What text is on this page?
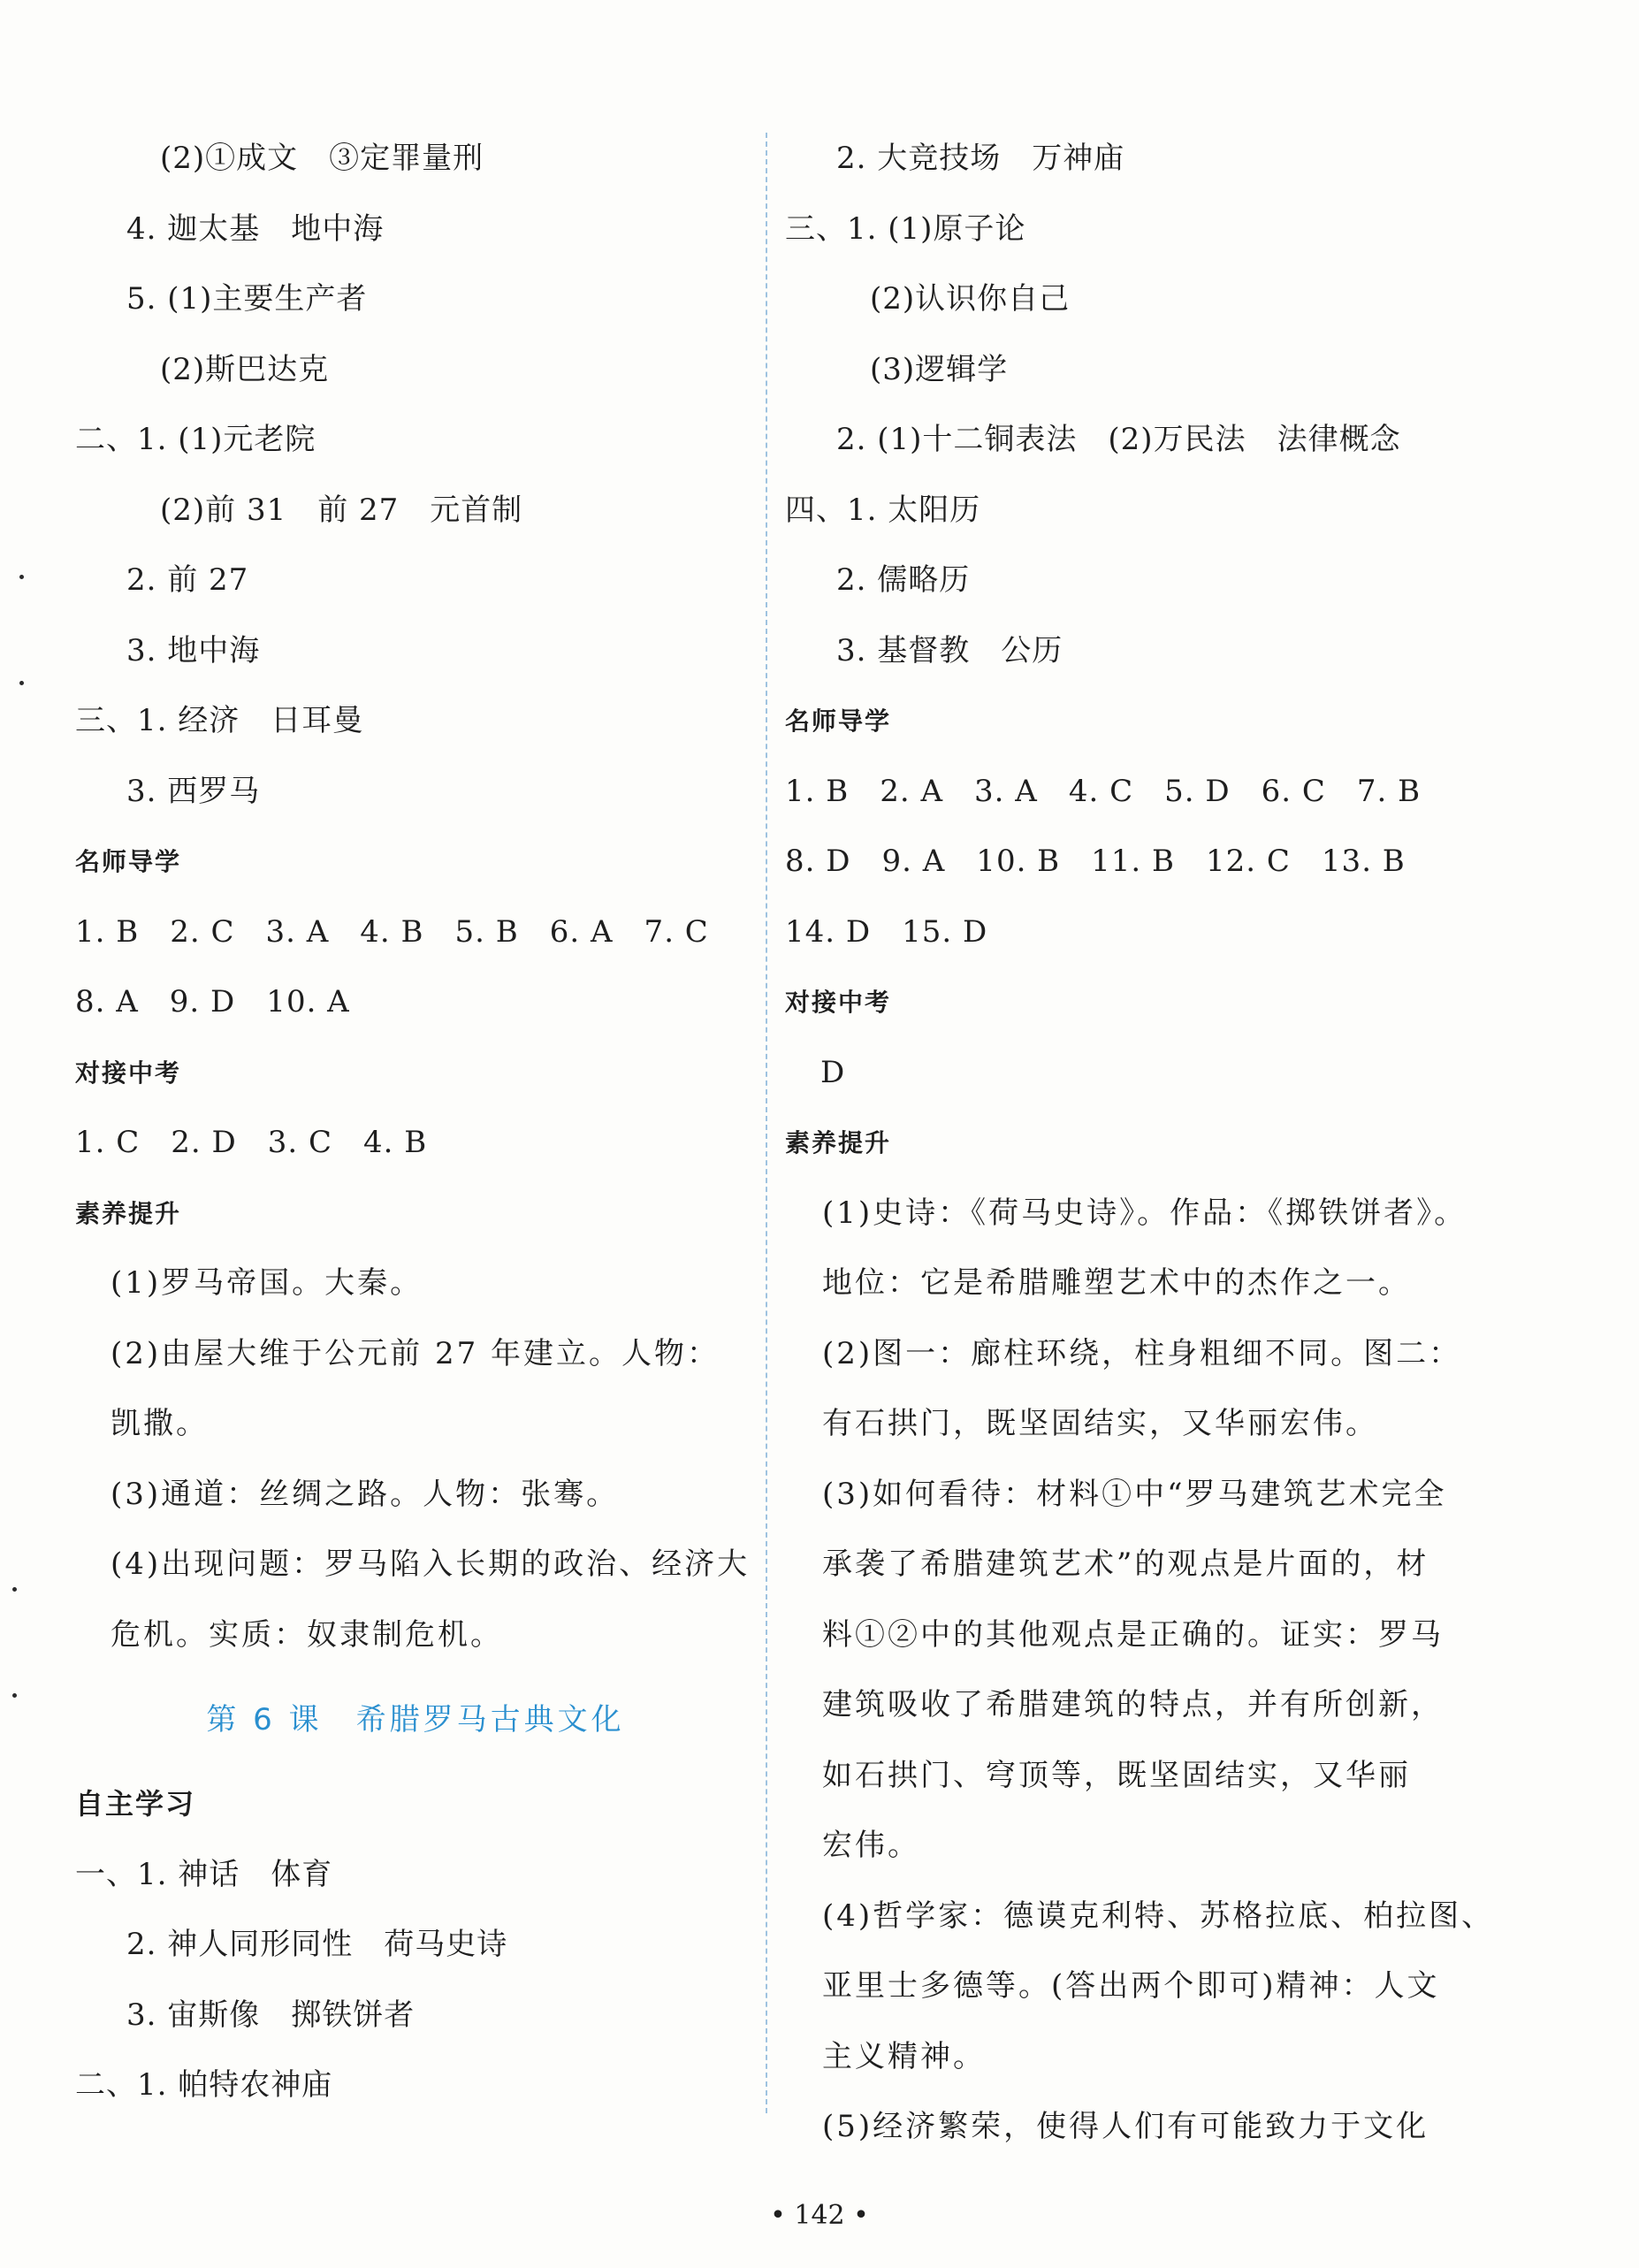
(2)①成文　③定罪量刑
4. 迦太基　地中海
5. (1)主要生产者
(2)斯巴达克
二、1. (1)元老院
(2)前 31　前 27　元首制
2. 前 27
3. 地中海
三、1. 经济　日耳曼
3. 西罗马
名师导学
1. B　2. C　3. A　4. B　5. B　6. A　7. C
8. A　9. D　10. A
对接中考
1. C　2. D　3. C　4. B
素养提升
(1)罗马帝国。大秦。
(2)由屋大维于公元前 27 年建立。人物：
凯撒。
(3)通道：丝绸之路。人物：张骞。
(4)出现问题：罗马陷入长期的政治、经济大
危机。实质：奴隶制危机。
第 6 课　希腊罗马古典文化
自主学习
一、1. 神话　体育
2. 神人同形同性　荷马史诗
3. 宙斯像　掷铁饼者
二、1. 帕特农神庙
2. 大竞技场　万神庙
三、1. (1)原子论
(2)认识你自己
(3)逻辑学
2. (1)十二铜表法　(2)万民法　法律概念
四、1. 太阳历
2. 儒略历
3. 基督教　公历
名师导学
1. B　2. A　3. A　4. C　5. D　6. C　7. B
8. D　9. A　10. B　11. B　12. C　13. B
14. D　15. D
对接中考
D
素养提升
(1)史诗：《荷马史诗》。作品：《掷铁饼者》。
地位：它是希腊雕塑艺术中的杰作之一。
(2)图一：廊柱环绕，柱身粗细不同。图二：
有石拱门，既坚固结实，又华丽宏伟。
(3)如何看待：材料①中“罗马建筑艺术完全
承袭了希腊建筑艺术”的观点是片面的，材
料①②中的其他观点是正确的。证实：罗马
建筑吸收了希腊建筑的特点，并有所创新，
如石拱门、穹顶等，既坚固结实，又华丽
宏伟。
(4)哲学家：德谟克利特、苏格拉底、柏拉图、
亚里士多德等。(答出两个即可)精神：人文
主义精神。
(5)经济繁荣，使得人们有可能致力于文化
• 142 •
